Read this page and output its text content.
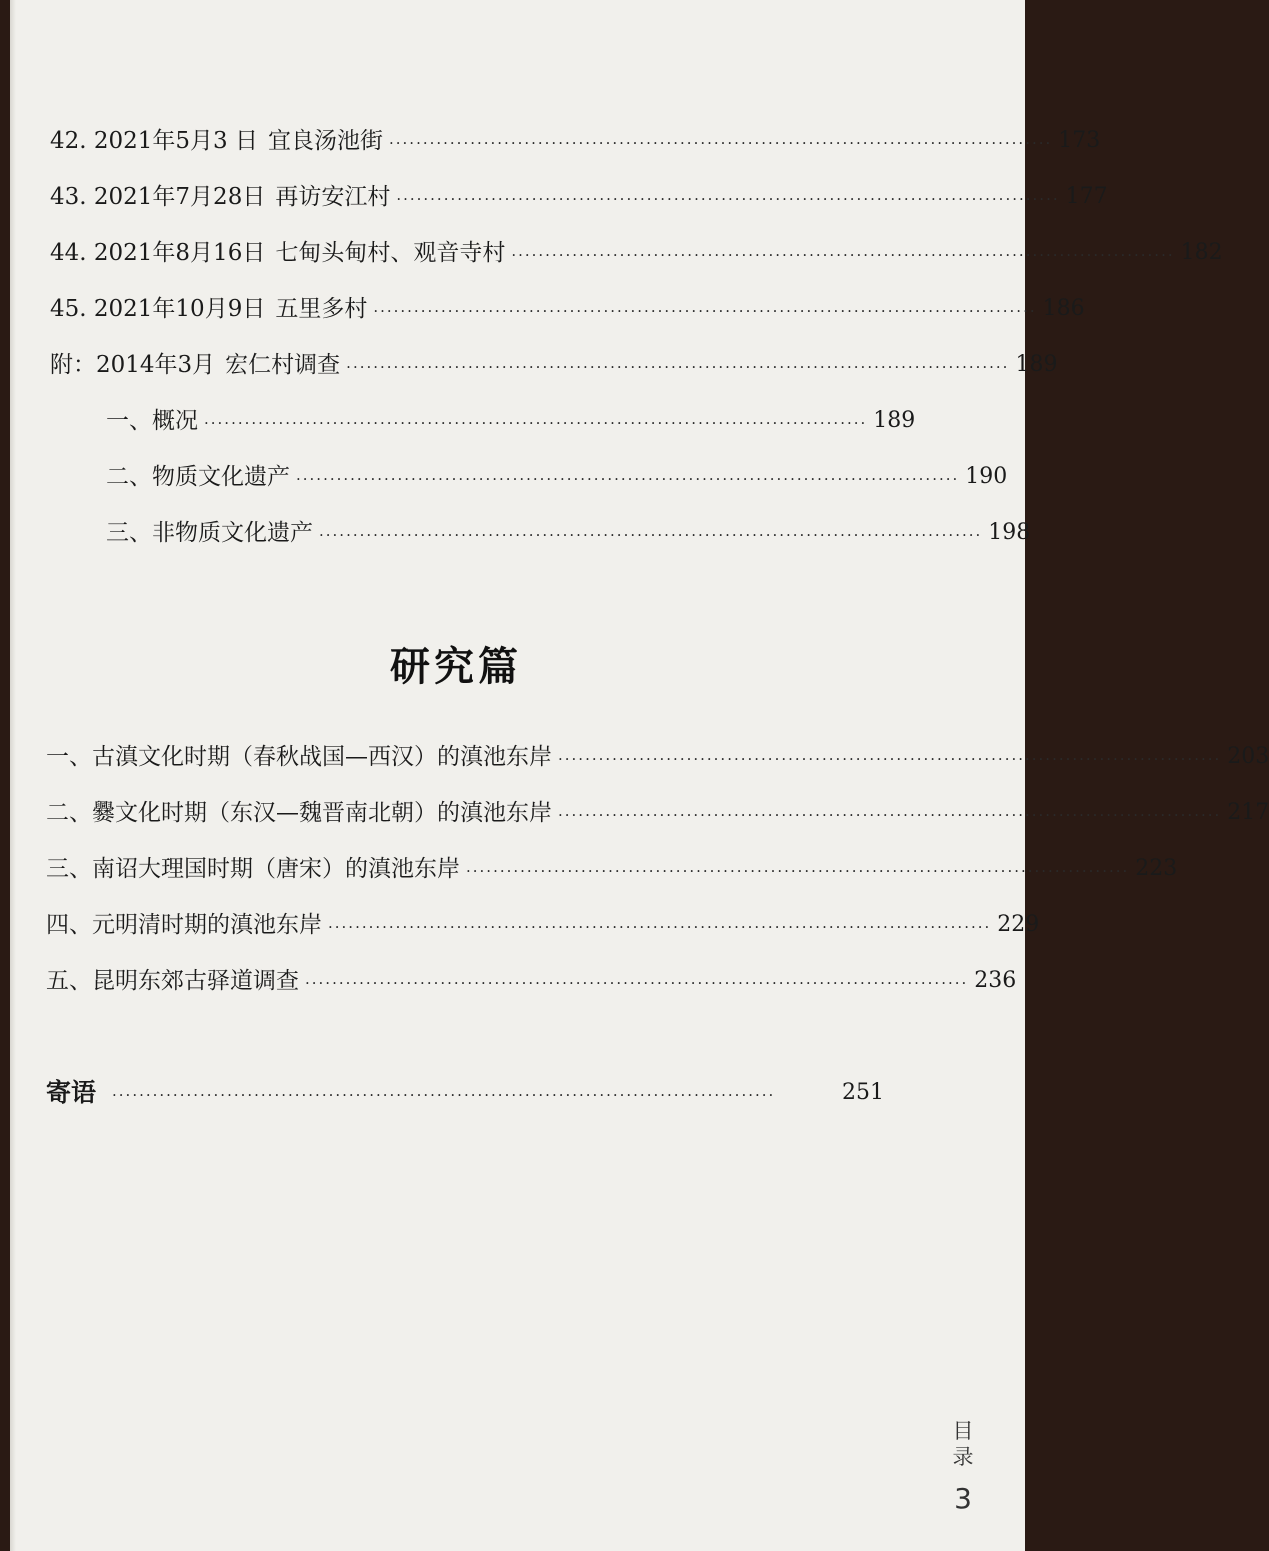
42. 2021年5月3 日 宜良汤池街 ·································································································· 173
43. 2021年7月28日 再访安江村 ·································································································· 177
44. 2021年8月16日 七甸头甸村、观音寺村 ·································································································· 182
45. 2021年10月9日 五里多村 ·································································································· 186
附：2014年3月 宏仁村调查 ·································································································· 189
一、概况 ·································································································· 189
二、物质文化遗产 ·································································································· 190
三、非物质文化遗产 ·································································································· 198
研究篇
一、古滇文化时期（春秋战国—西汉）的滇池东岸 ·································································································· 203
二、爨文化时期（东汉—魏晋南北朝）的滇池东岸 ·································································································· 217
三、南诏大理国时期（唐宋）的滇池东岸 ·································································································· 223
四、元明清时期的滇池东岸 ·································································································· 229
五、昆明东郊古驿道调查 ·································································································· 236
寄语 ··································································································	251
目录
3
